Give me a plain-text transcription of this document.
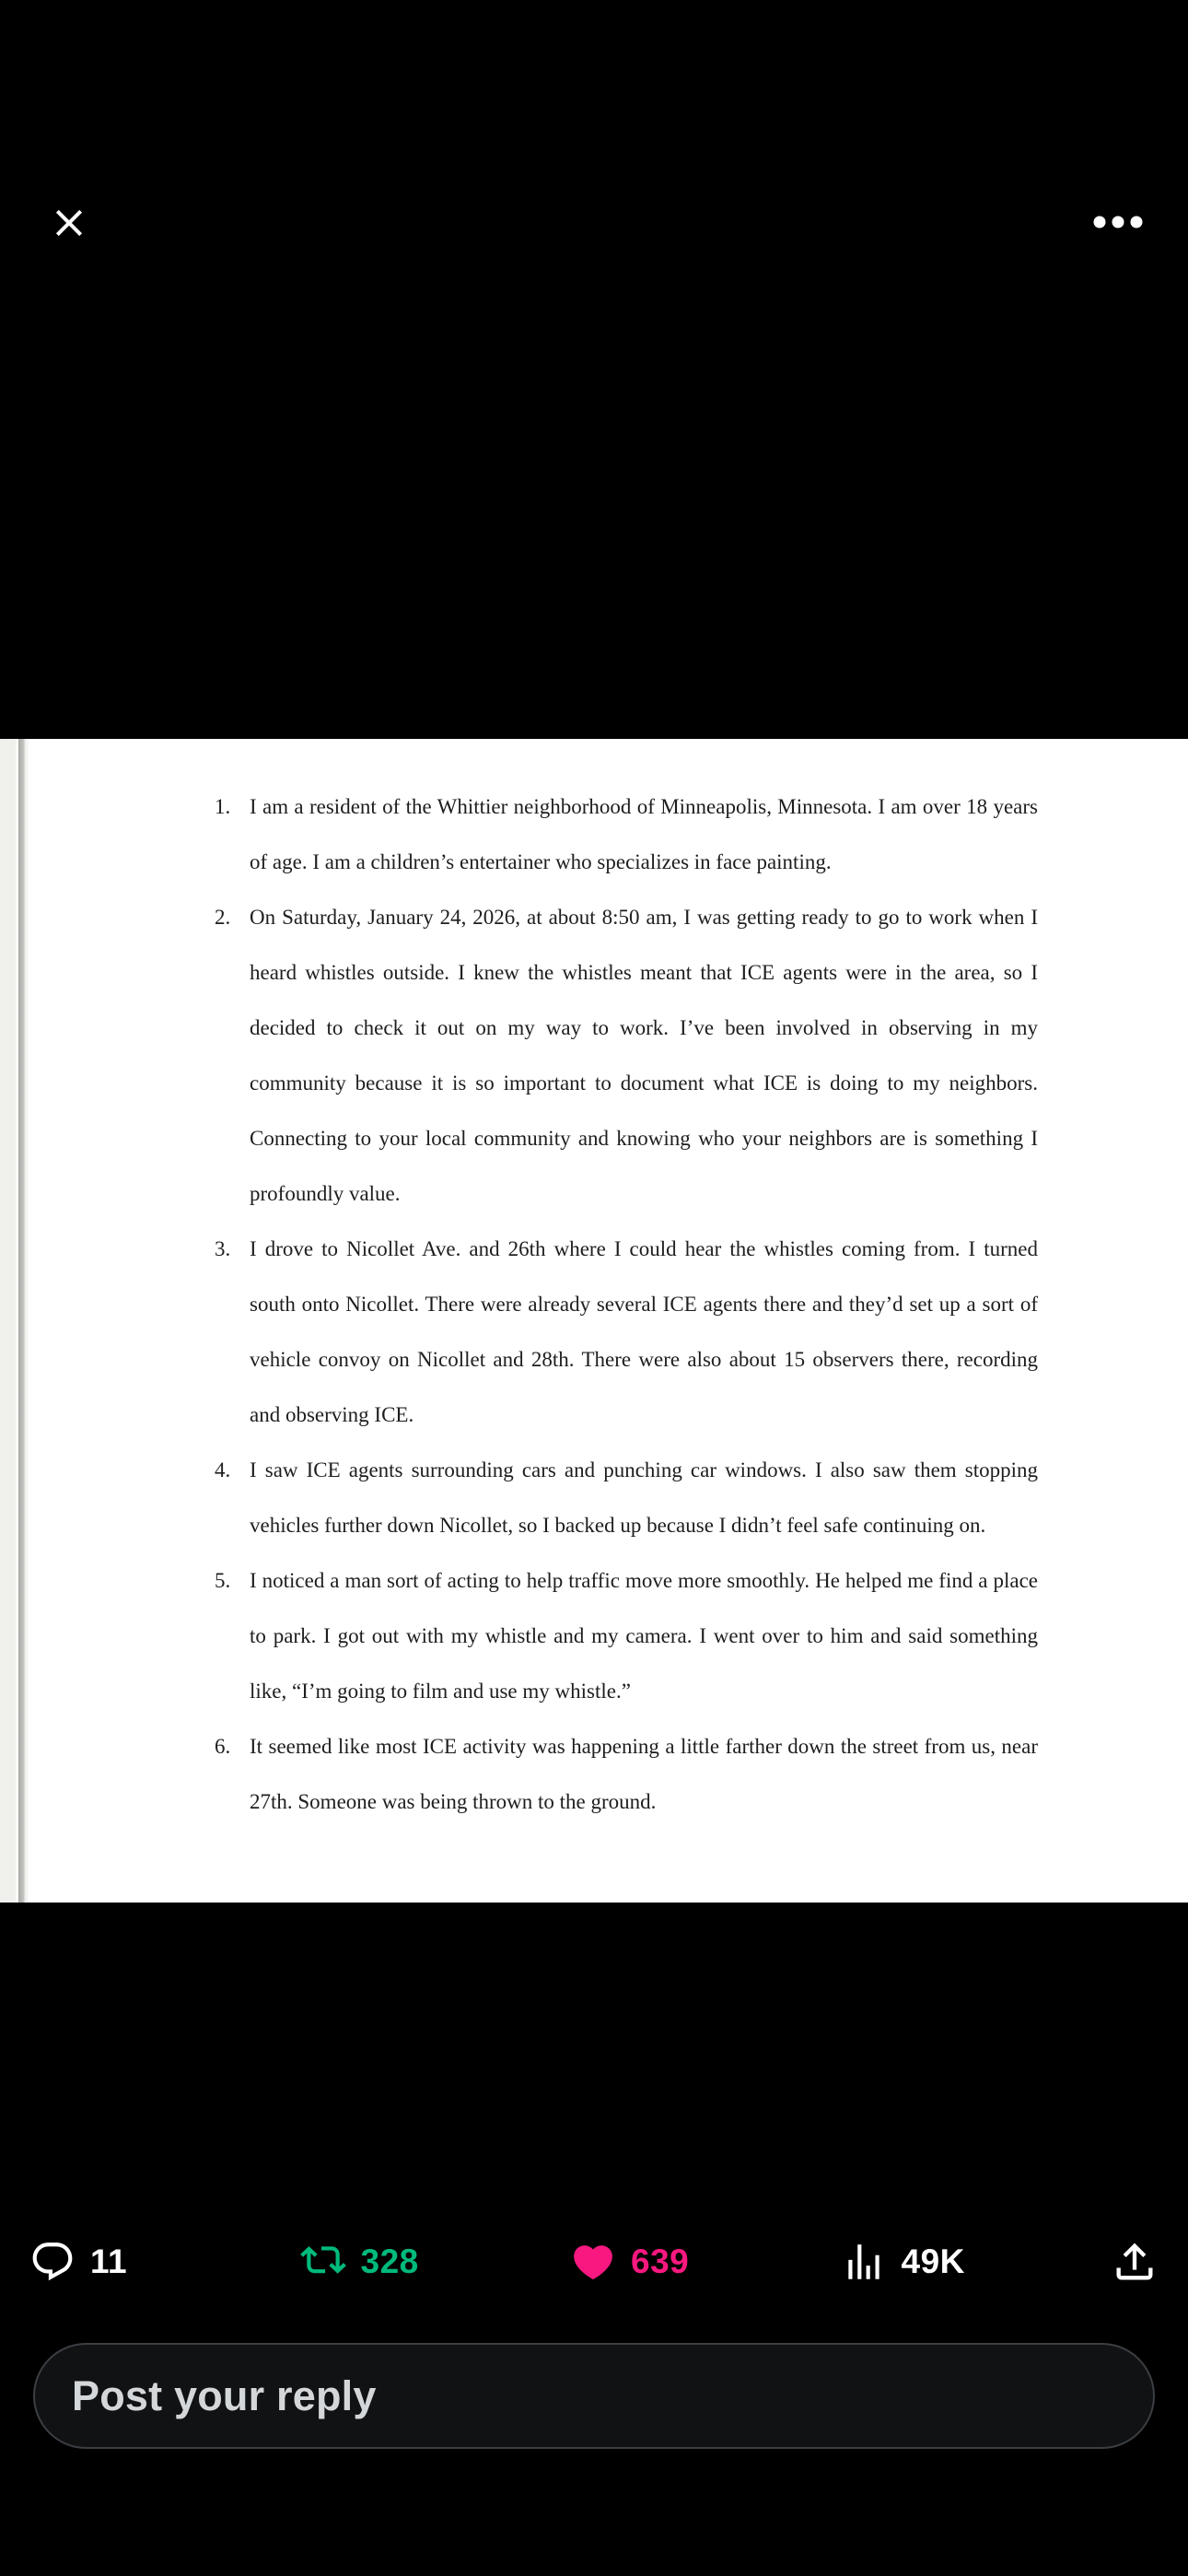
1. I am a resident of the Whittier neighborhood of Minneapolis, Minnesota. I am over 18 years of age. I am a children’s entertainer who specializes in face painting.
2. On Saturday, January 24, 2026, at about 8:50 am, I was getting ready to go to work when I heard whistles outside. I knew the whistles meant that ICE agents were in the area, so I decided to check it out on my way to work. I’ve been involved in observing in my community because it is so important to document what ICE is doing to my neighbors. Connecting to your local community and knowing who your neighbors are is something I profoundly value.
3. I drove to Nicollet Ave. and 26th where I could hear the whistles coming from. I turned south onto Nicollet. There were already several ICE agents there and they’d set up a sort of vehicle convoy on Nicollet and 28th. There were also about 15 observers there, recording and observing ICE.
4. I saw ICE agents surrounding cars and punching car windows. I also saw them stopping vehicles further down Nicollet, so I backed up because I didn’t feel safe continuing on.
5. I noticed a man sort of acting to help traffic move more smoothly. He helped me find a place to park. I got out with my whistle and my camera. I went over to him and said something like, “I’m going to film and use my whistle.”
6. It seemed like most ICE activity was happening a little farther down the street from us, near 27th. Someone was being thrown to the ground.
11	328	639	49K
Post your reply
